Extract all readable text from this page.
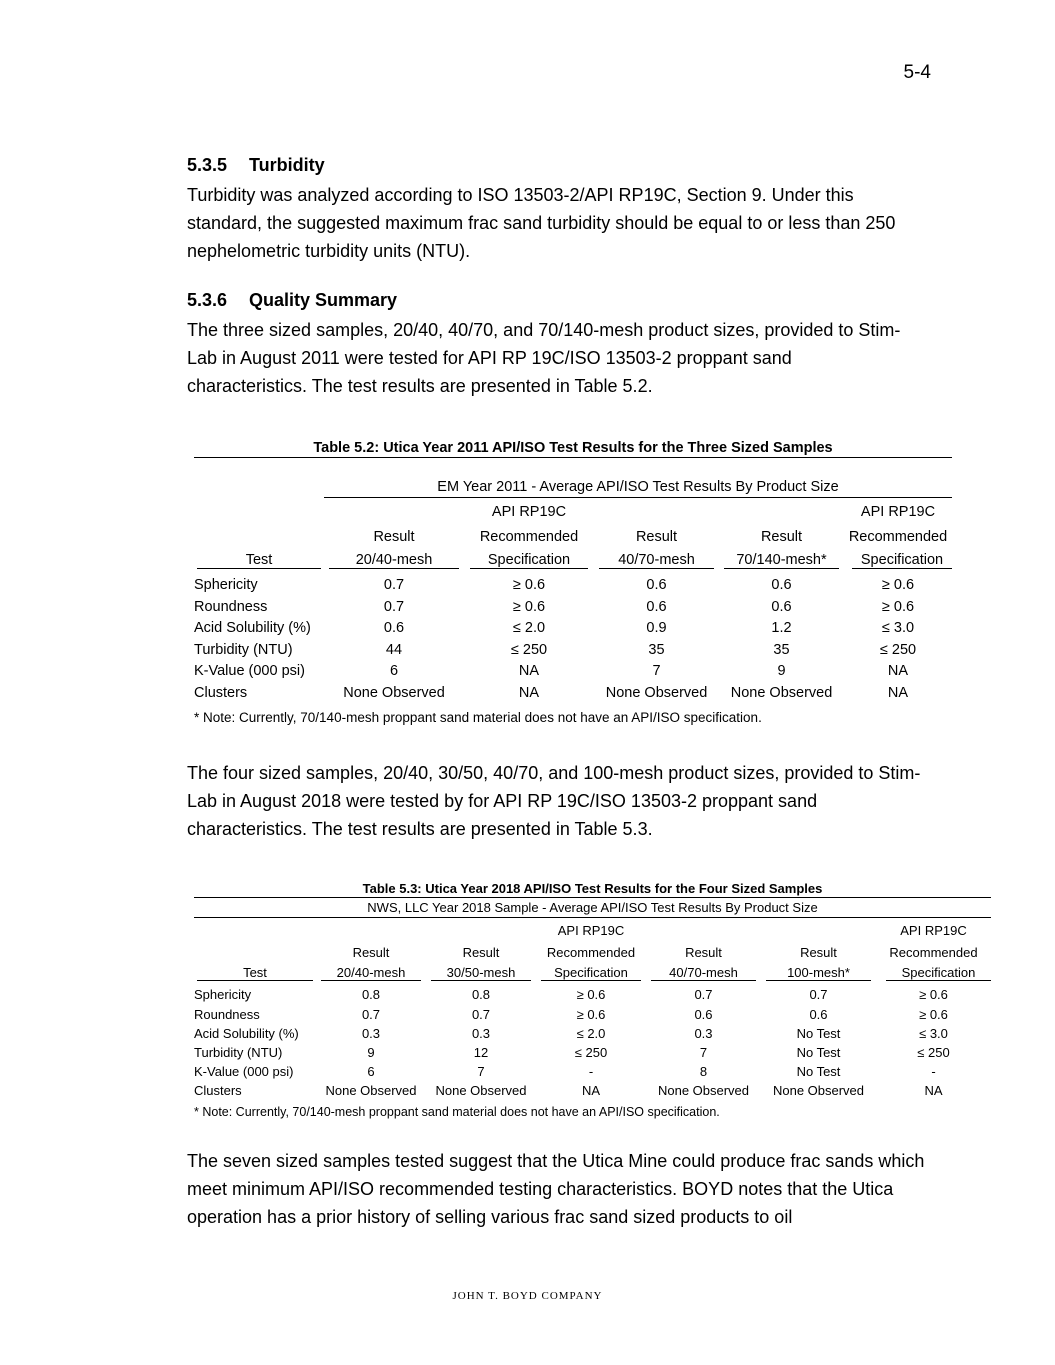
5-4
5.3.5 Turbidity

Turbidity was analyzed according to ISO 13503-2/API RP19C, Section 9. Under this standard, the suggested maximum frac sand turbidity should be equal to or less than 250 nephelometric turbidity units (NTU).

5.3.6 Quality Summary

The three sized samples, 20/40, 40/70, and 70/140-mesh product sizes, provided to Stim-Lab in August 2011 were tested for API RP 19C/ISO 13503-2 proppant sand characteristics. The test results are presented in Table 5.2.

Table 5.2: Utica Year 2011 API/ISO Test Results for the Three Sized Samples
	EM Year 2011 - Average API/ISO Test Results By Product Size				
		API RP19C			API RP19C
	Result	Recommended	Result	Result	Recommended
Test	20/40-mesh	Specification	40/70-mesh	70/140-mesh*	Specification
Sphericity	0.7	≥ 0.6	0.6	0.6	≥ 0.6
Roundness	0.7	≥ 0.6	0.6	0.6	≥ 0.6
Acid Solubility (%)	0.6	≤ 2.0	0.9	1.2	≤ 3.0
Turbidity (NTU)	44	≤ 250	35	35	≤ 250
K-Value (000 psi)	6	NA	7	9	NA
Clusters	None Observed	NA	None Observed	None Observed	NA
* Note: Currently, 70/140-mesh proppant sand material does not have an API/ISO specification.

The four sized samples, 20/40, 30/50, 40/70, and 100-mesh product sizes, provided to Stim-Lab in August 2018 were tested by for API RP 19C/ISO 13503-2 proppant sand characteristics. The test results are presented in Table 5.3.

Table 5.3: Utica Year 2018 API/ISO Test Results for the Four Sized Samples
NWS, LLC Year 2018 Sample - Average API/ISO Test Results By Product Size						
			API RP19C			API RP19C
	Result	Result	Recommended	Result	Result	Recommended
Test	20/40-mesh	30/50-mesh	Specification	40/70-mesh	100-mesh*	Specification
Sphericity	0.8	0.8	≥ 0.6	0.7	0.7	≥ 0.6
Roundness	0.7	0.7	≥ 0.6	0.6	0.6	≥ 0.6
Acid Solubility (%)	0.3	0.3	≤ 2.0	0.3	No Test	≤ 3.0
Turbidity (NTU)	9	12	≤ 250	7	No Test	≤ 250
K-Value (000 psi)	6	7	-	8	No Test	-
Clusters	None Observed	None Observed	NA	None Observed	None Observed	NA
* Note: Currently, 70/140-mesh proppant sand material does not have an API/ISO specification.

The seven sized samples tested suggest that the Utica Mine could produce frac sands which meet minimum API/ISO recommended testing characteristics. BOYD notes that the Utica operation has a prior history of selling various frac sand sized products to oil

JOHN T. BOYD COMPANY
